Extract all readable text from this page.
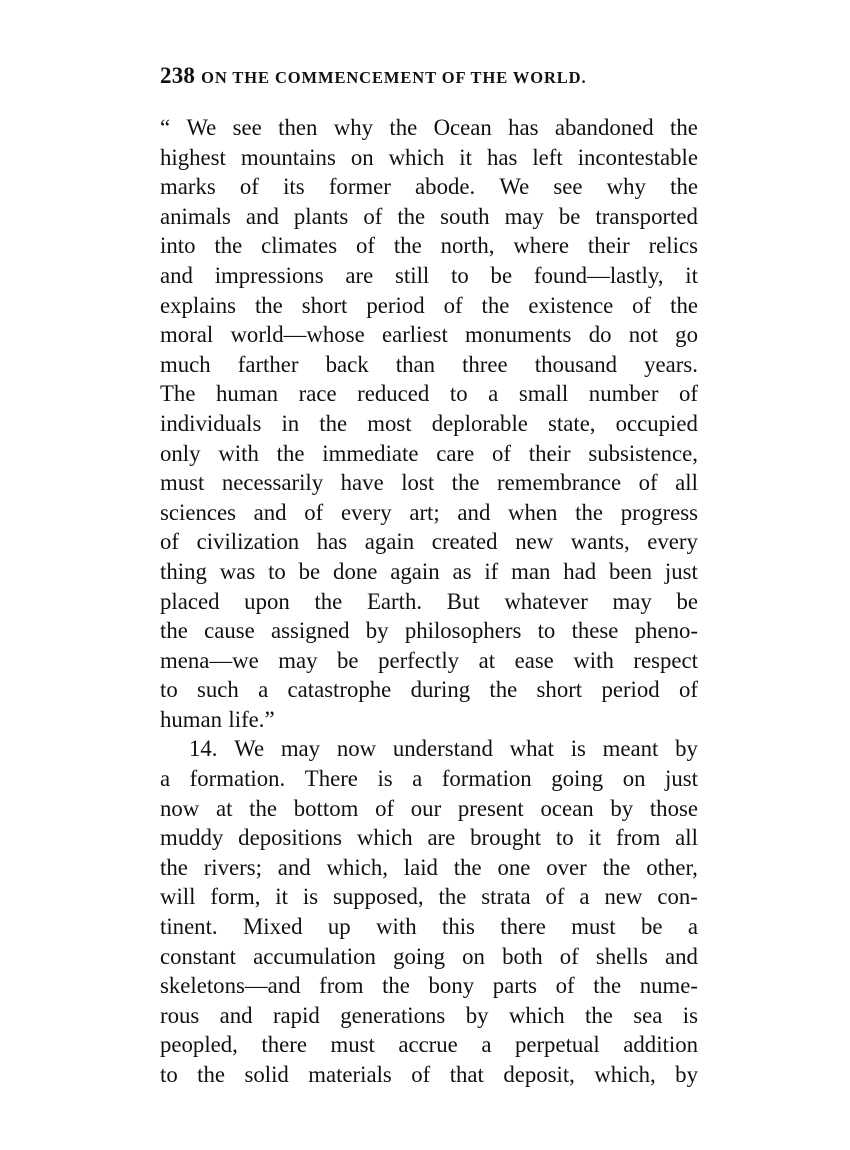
238 ON THE COMMENCEMENT OF THE WORLD.
“ We see then why the Ocean has abandoned the
highest mountains on which it has left incontestable
marks of its former abode. We see why the
animals and plants of the south may be transported
into the climates of the north, where their relics
and impressions are still to be found—lastly, it
explains the short period of the existence of the
moral world—whose earliest monuments do not go
much farther back than three thousand years.
The human race reduced to a small number of
individuals in the most deplorable state, occupied
only with the immediate care of their subsistence,
must necessarily have lost the remembrance of all
sciences and of every art; and when the progress
of civilization has again created new wants, every
thing was to be done again as if man had been just
placed upon the Earth. But whatever may be
the cause assigned by philosophers to these pheno-
mena—we may be perfectly at ease with respect
to such a catastrophe during the short period of
human life.”
14. We may now understand what is meant by
a formation. There is a formation going on just
now at the bottom of our present ocean by those
muddy depositions which are brought to it from all
the rivers; and which, laid the one over the other,
will form, it is supposed, the strata of a new con-
tinent. Mixed up with this there must be a
constant accumulation going on both of shells and
skeletons—and from the bony parts of the nume-
rous and rapid generations by which the sea is
peopled, there must accrue a perpetual addition
to the solid materials of that deposit, which, by
